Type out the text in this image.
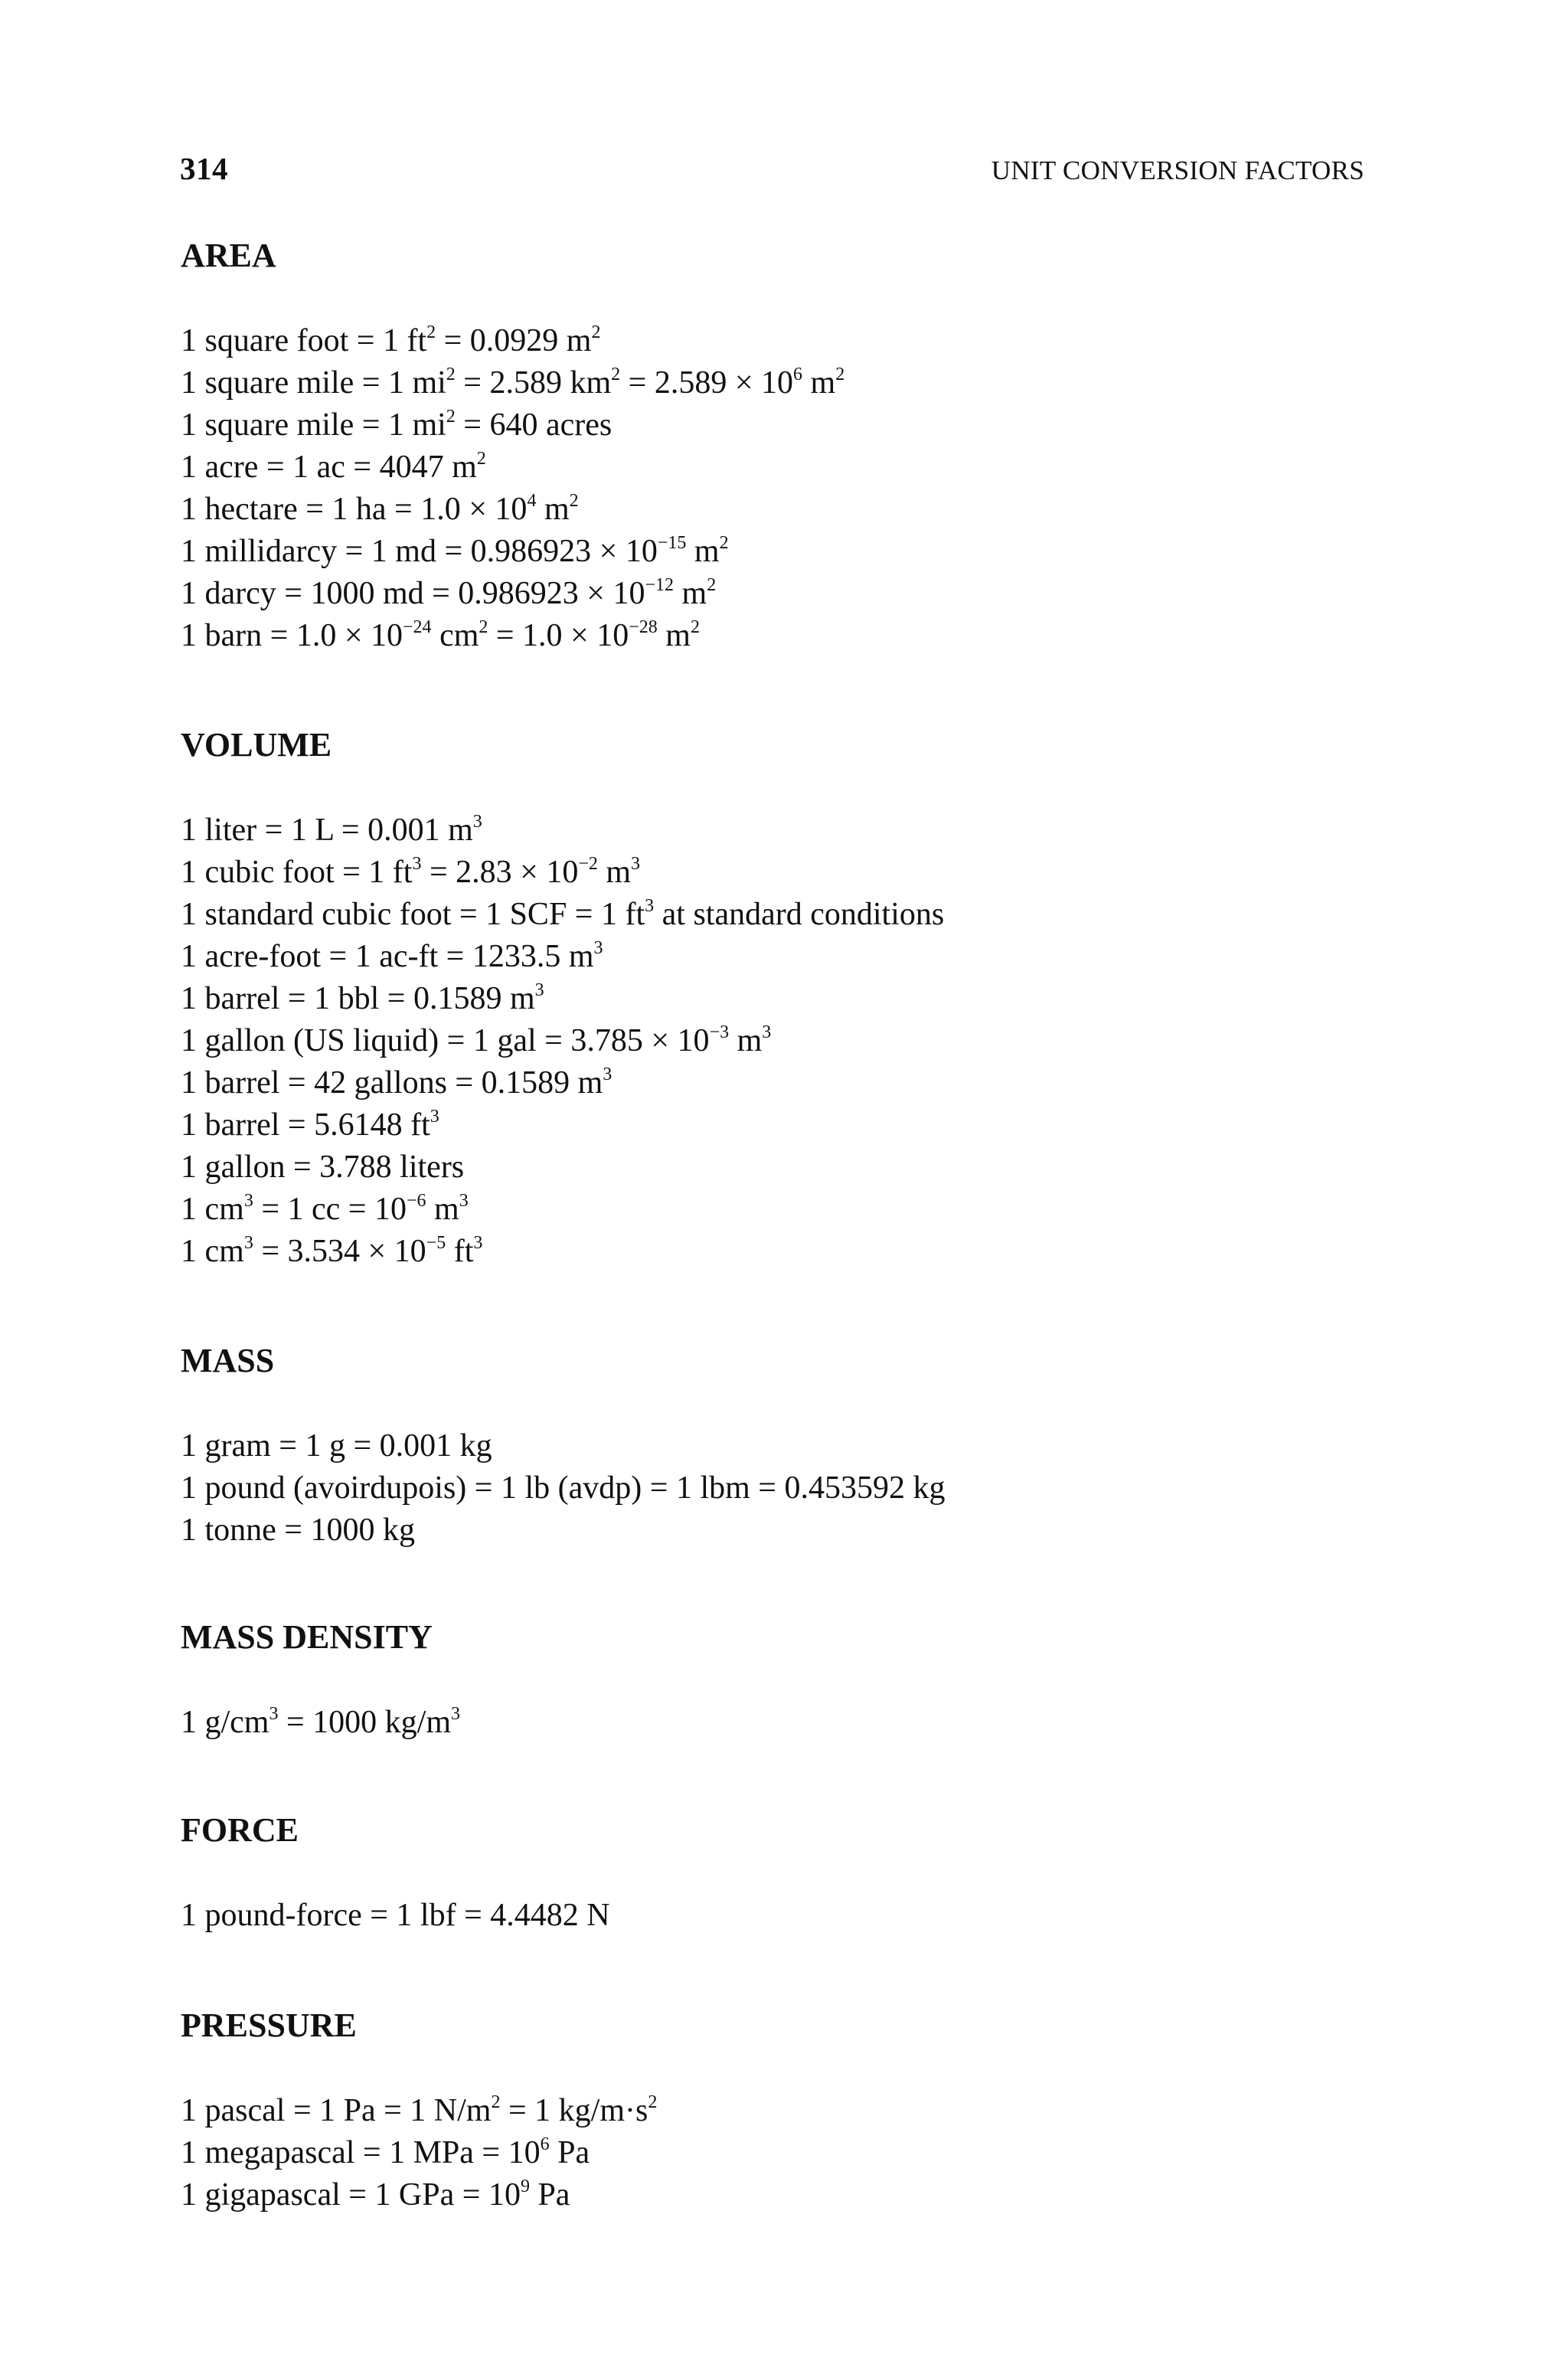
314	UNIT CONVERSION FACTORS
AREA
1 square foot = 1 $ft^2 = 0.0929$ $m^2$
1 square mile = 1 $mi^2 = 2.589$ $km^2 = 2.589 \times 10^6$ $m^2$
1 square mile = 1 $mi^2 = 640$ acres
1 acre = 1 ac = 4047 $m^2$
1 hectare = 1 ha = $1.0 \times 10^4$ $m^2$
1 millidarcy = 1 md = $0.986923 \times 10^{-15}$ $m^2$
1 darcy = 1000 md = $0.986923 \times 10^{-12}$ $m^2$
1 barn = $1.0 \times 10^{-24}$ $cm^2 = 1.0 \times 10^{-28}$ $m^2$
VOLUME
1 liter = 1 L = 0.001 $m^3$
1 cubic foot = 1 $ft^3 = 2.83 \times 10^{-2}$ $m^3$
1 standard cubic foot = 1 SCF = 1 $ft^3$ at standard conditions
1 acre-foot = 1 ac-ft = 1233.5 $m^3$
1 barrel = 1 bbl = 0.1589 $m^3$
1 gallon (US liquid) = 1 gal = $3.785 \times 10^{-3}$ $m^3$
1 barrel = 42 gallons = 0.1589 $m^3$
1 barrel = 5.6148 $ft^3$
1 gallon = 3.788 liters
1 $cm^3 = 1$ cc = $10^{-6}$ $m^3$
1 $cm^3 = 3.534 \times 10^{-5}$ $ft^3$
MASS
1 gram = 1 g = 0.001 kg
1 pound (avoirdupois) = 1 lb (avdp) = 1 lbm = 0.453592 kg
1 tonne = 1000 kg
MASS DENSITY
1 $g/cm^3 = 1000$ $kg/m^3$
FORCE
1 pound-force = 1 lbf = 4.4482 N
PRESSURE
1 pascal = 1 Pa = 1 $N/m^2 = 1$ $kg/m\cdot s^2$
1 megapascal = 1 MPa = $10^6$ Pa
1 gigapascal = 1 GPa = $10^9$ Pa
